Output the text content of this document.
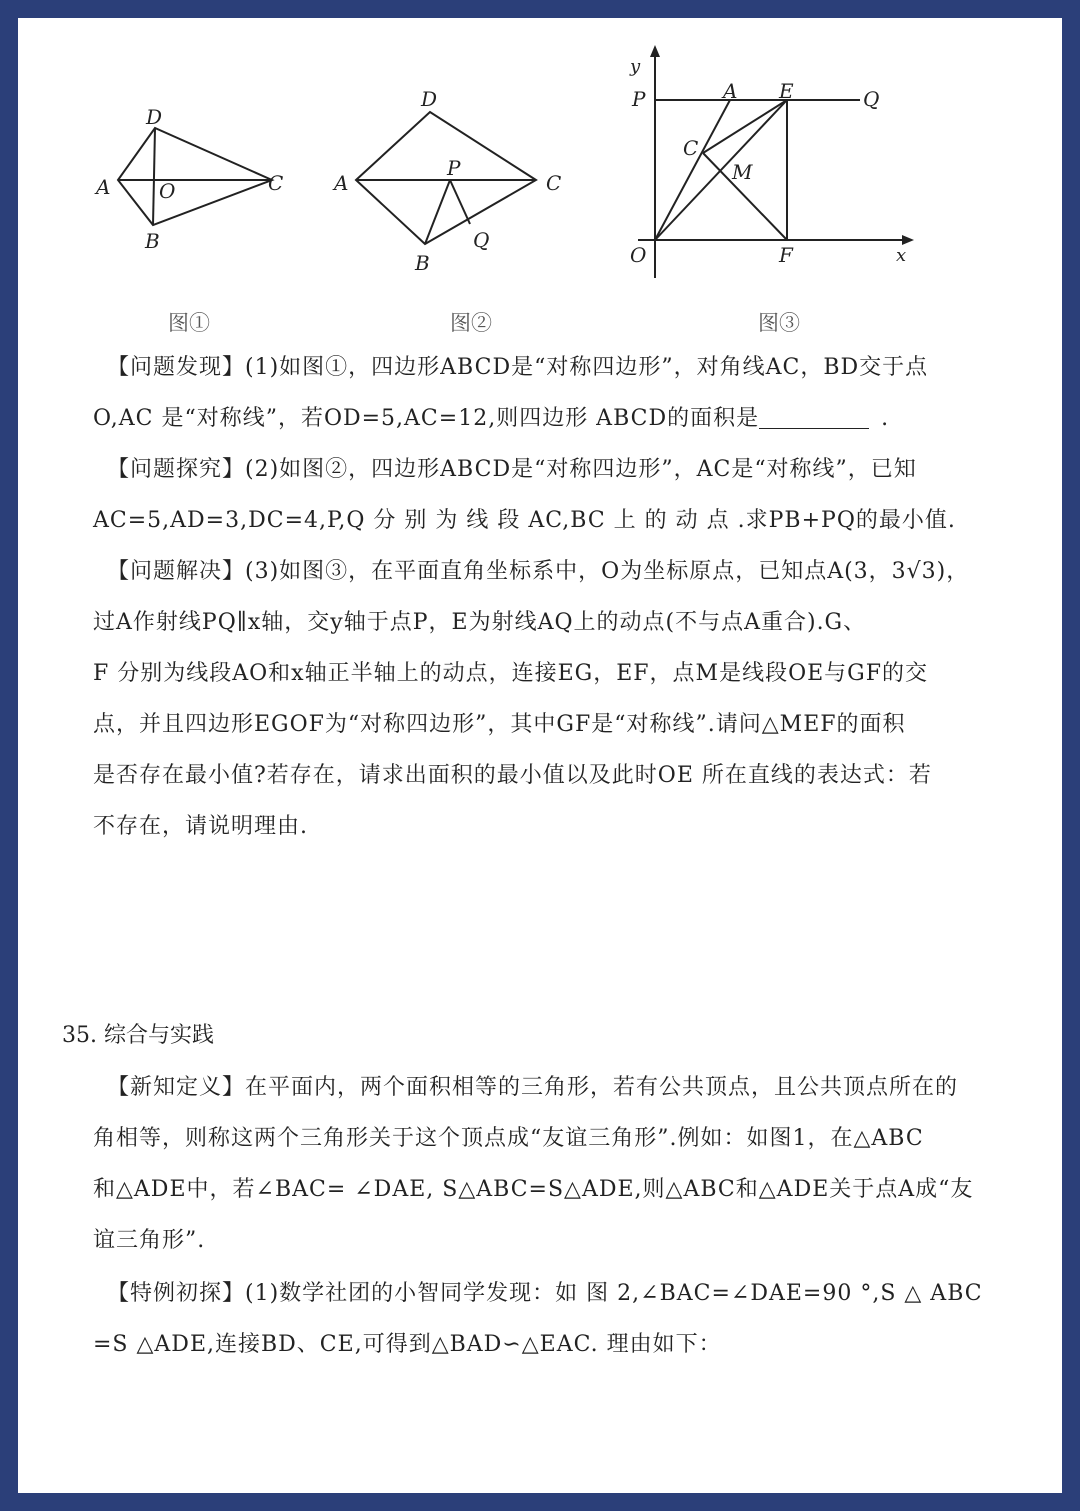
A
B
C
D
O
图①
A
B
C
D
P
Q
图②
y
x
P	A E	Q
C
M
O	F
图③

【问题发现】(1)如图①，四边形ABCD是“对称四边形”，对角线AC，BD交于点

O,AC 是“对称线”，若OD=5,AC=12,则四边形 ABCD的面积是	.

【问题探究】(2)如图②，四边形ABCD是“对称四边形”，AC是“对称线”，已知

AC=5,AD=3,DC=4,P,Q 分 别 为 线 段 AC,BC 上 的 动 点 .求PB+PQ的最小值.

【问题解决】(3)如图③，在平面直角坐标系中，O为坐标原点，已知点A(3，3√3)，

过A作射线PQ∥x轴，交y轴于点P，E为射线AQ上的动点(不与点A重合).G、

F 分别为线段AO和x轴正半轴上的动点，连接EG，EF，点M是线段OE与GF的交

点，并且四边形EGOF为“对称四边形”，其中GF是“对称线”.请问△MEF的面积

是否存在最小值?若存在，请求出面积的最小值以及此时OE 所在直线的表达式：若

不存在，请说明理由.

35. 综合与实践

【新知定义】在平面内，两个面积相等的三角形，若有公共顶点，且公共顶点所在的

角相等，则称这两个三角形关于这个顶点成“友谊三角形”.例如：如图1，在△ABC

和△ADE中，若∠BAC= ∠DAE, S△ABC=S△ADE,则△ABC和△ADE关于点A成“友

谊三角形”.

【特例初探】(1)数学社团的小智同学发现：如 图 2,∠BAC=∠DAE=90 °,S △ ABC

=S △ADE,连接BD、CE,可得到△BAD∽△EAC. 理由如下：
